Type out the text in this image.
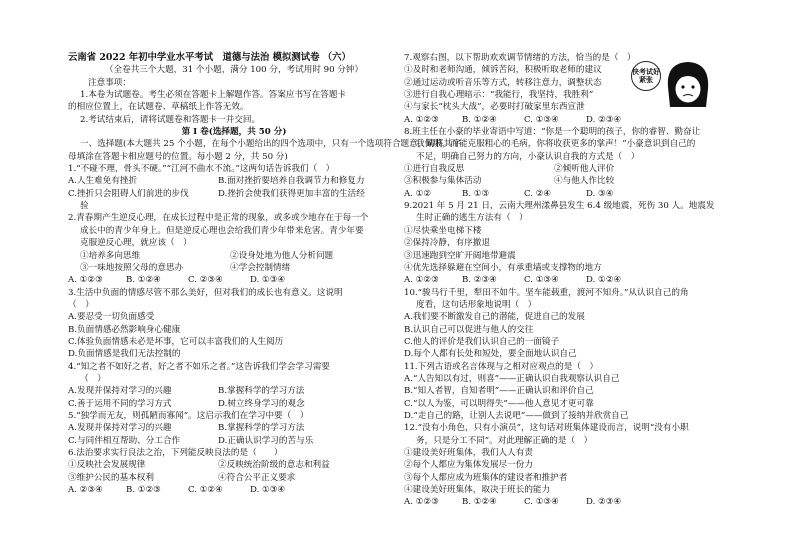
云南省 2022 年初中学业水平考试　道德与法治 模拟测试卷 （六）
（全卷共三个大题，31 个小题，满分 100 分，考试用时 90 分钟）
注意事项：
1.本卷为试题卷。考生必须在答题卡上解题作答。答案应书写在答题卡
的相应位置上，在试题卷、草稿纸上作答无效。
2.考试结束后，请将试题卷和答题卡一并交回。
第 I 卷(选择题，共 50 分)
一、选择题(本大题共 25 个小题，在每个小题给出的四个选项中，只有一个选项符合题意，请将其字
母填涂在答题卡相应题号的位置。每小题 2 分，共 50 分)
1.“不碰不理，骨头不硬。”“江河不曲水不流。”这两句话告诉我们（　）
A.人生难免有挫折	B.面对挫折要培养自我调节力和修复力
C.挫折只会阻碍人们前进的步伐	D.挫折会使我们获得更加丰富的生活经
验
2.青春期产生逆反心理，在成长过程中是正常的现象，或多或少地存在于每一个
成长中的青少年身上。但是逆反心理也会给我们青少年带来危害。青少年要
克服逆反心理，就应该（　）
①培养多向思维	②设身处地为他人分析问题
③一味地按照父母的意思办	④学会控制情绪
A. ①②③	B. ①②④	C. ②③④	D. ①③④
3.生活中负面的情感尽管不那么美好，但对我们的成长也有意义。这说明
（　）
A.要忍受一切负面感受
B.负面情感必然影响身心健康
C.体验负面情感未必是坏事，它可以丰富我们的人生阅历
D.负面情感是我们无法控制的
4.“知之者不如好之者，好之者不如乐之者。”这告诉我们学会学习需要
（　）
A.发现并保持对学习的兴趣	B.掌握科学的学习方法
C.善于运用不同的学习方式	D.树立终身学习的观念
5.“独学而无友，则孤陋而寡闻”。这启示我们在学习中要（　）
A.发现并保持对学习的兴趣	B.掌握科学的学习方法
C.与同伴相互帮助、分工合作	D.正确认识学习的苦与乐
6.法治要求实行良法之治，下列能反映良法的是（　　）
①反映社会发展规律	②反映统治阶级的意志和利益
③维护公民的基本权利	④符合公平正义要求
A. ②③④	B. ①②③	C. ①②④	D. ①③④
7.观察右图，以下帮助欢欢调节情绪的方法，恰当的是（　）
①及时和老师沟通，倾诉苦闷，积极听取老师的建议
②通过运动或听音乐等方式，转移注意力，调整状态
③进行自我心理暗示：“我能行，我坚持，我胜利”
④与家长“枕头大战”，必要时打破家里东西宣泄
A. ①②③	B. ①②④	C. ①③④	D. ②③④
8.班主任在小豪的毕业寄语中写道：“你是一个聪明的孩子，你的睿智、勤奋让
我佩服，而能克服粗心的毛病，你将收获更多的掌声！”小豪意识到自己的
不足，明确自己努力的方向，小豪认识自我的方式是（　）
①进行自我反思	②倾听他人评价
③积极参与集体活动	④与他人作比较
A. ①②	B. ①③	C. ②④	D. ③④
9.2021 年 5 月 21 日，云南大理州漾鼻县发生 6.4 级地震，死伤 30 人。地震发
生时正确的逃生方法有（　）
①尽快乘坐电梯下楼
②保持冷静，有序撤退
③迅速跑到空旷开阔地带避震
④优先选择躲避在空间小，有承重墙或支撑物的地方
A. ①②③	B. ②③④	C. ①③④	D. ①②④
10.“骏马行千里，犁田不如牛。坚车能载重，渡河不知舟。”从认识自己的角
度看，这句话形象地说明（　）
A.我们要不断激发自己的潜能，促进自己的发展
B.认识自己可以促进与他人的交往
C.他人的评价是我们认识自己的一面镜子
D.每个人都有长处和短处，要全面地认识自己
11.下列古语或名言体现与之相对应观点的是（　）
A.“人告知以有过，则喜”——正确认识自我观察认识自己
B.“知人者智，自知者明”——正确认识和评价自己
C.“以人为鉴，可以明得失”——他人意见才更可靠
D.“走自己的路，让别人去说吧”——做到了接纳并欣赏自己
12.“没有小角色，只有小演员”，这句话对班集体建设而言，说明“没有小职
务，只是分工不同”。对此理解正确的是（　）
①建设美好班集体，我们人人有责
②每个人都应为集体发展尽一份力
③每个人都应成为班集体的建设者和推护者
④建设美好班集体，取决于班长的能力
A. ①②③	B. ①②④	C. ①③④	D. ②③④
快考试好紧张
